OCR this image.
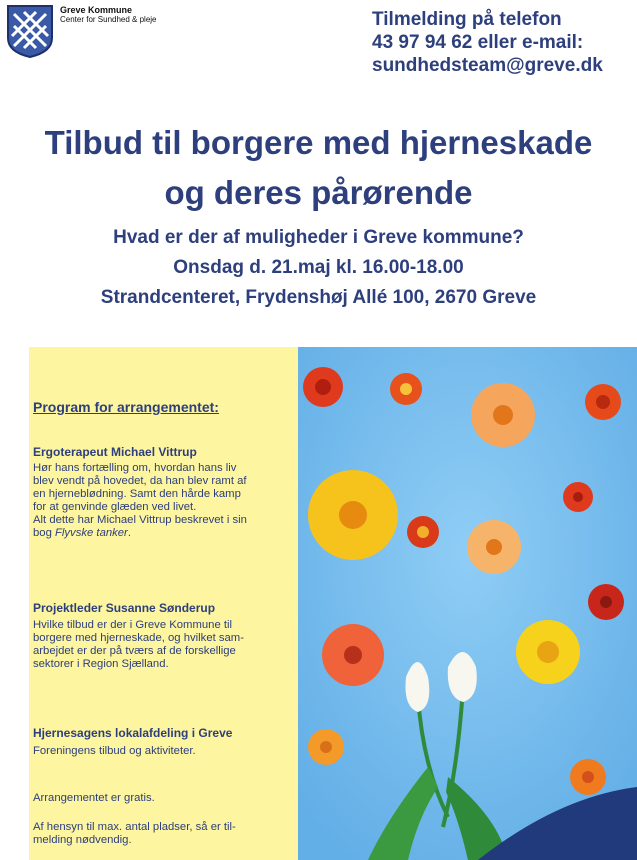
Greve Kommune
Center for Sundhed & pleje	Tilmelding på telefon
43 97 94 62 eller e-mail:
sundhedsteam@greve.dk
Tilbud til borgere med hjerneskade
og deres pårørende
Hvad er der af muligheder i Greve kommune?
Onsdag d. 21.maj kl. 16.00-18.00
Strandcenteret, Frydenshøj Allé 100, 2670 Greve
Program for arrangementet:
Ergoterapeut Michael Vittrup
Hør hans fortælling om, hvordan hans liv
blev vendt på hovedet, da han blev ramt af
en hjerneblødning. Samt den hårde kamp
for at genvinde glæden ved livet.
Alt dette har Michael Vittrup beskrevet i sin
bog Flyvske tanker.
Projektleder Susanne Sønderup
Hvilke tilbud er der i Greve Kommune til
borgere med hjerneskade, og hvilket sam-
arbejdet er der på tværs af de forskellige
sektorer i Region Sjælland.
Hjernesagens lokalafdeling i Greve
Foreningens tilbud og aktiviteter.
Arrangementet er gratis.
Af hensyn til max. antal pladser, så er til-
melding nødvendig.
